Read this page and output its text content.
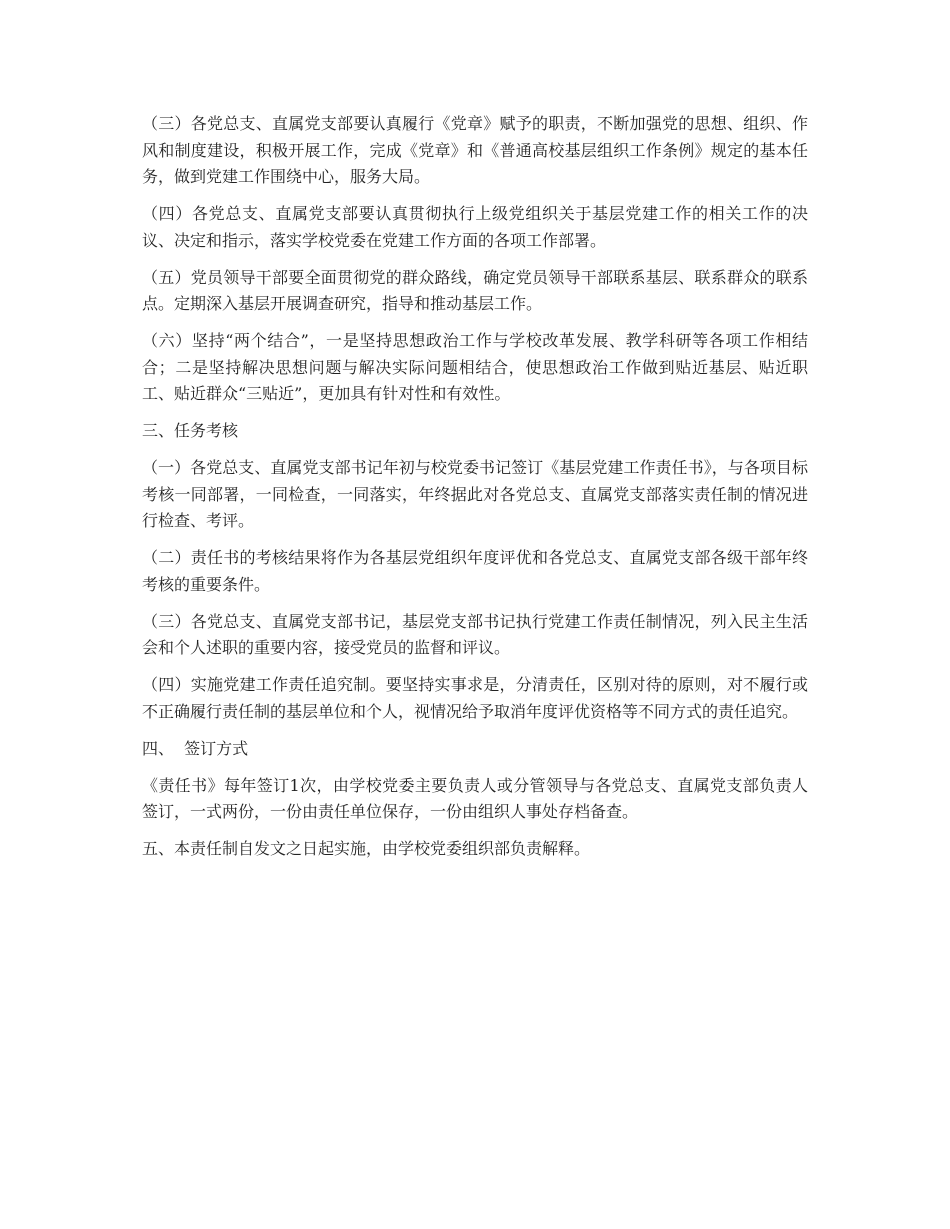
（三）各党总支、直属党支部要认真履行《党章》赋予的职责，不断加强党的思想、组织、作风和制度建设，积极开展工作，完成《党章》和《普通高校基层组织工作条例》规定的基本任务，做到党建工作围绕中心，服务大局。

（四）各党总支、直属党支部要认真贯彻执行上级党组织关于基层党建工作的相关工作的决议、决定和指示，落实学校党委在党建工作方面的各项工作部署。

（五）党员领导干部要全面贯彻党的群众路线，确定党员领导干部联系基层、联系群众的联系点。定期深入基层开展调查研究，指导和推动基层工作。

（六）坚持“两个结合”，一是坚持思想政治工作与学校改革发展、教学科研等各项工作相结合；二是坚持解决思想问题与解决实际问题相结合，使思想政治工作做到贴近基层、贴近职工、贴近群众“三贴近”，更加具有针对性和有效性。

三、任务考核

（一）各党总支、直属党支部书记年初与校党委书记签订《基层党建工作责任书》，与各项目标考核一同部署，一同检查，一同落实，年终据此对各党总支、直属党支部落实责任制的情况进行检查、考评。

（二）责任书的考核结果将作为各基层党组织年度评优和各党总支、直属党支部各级干部年终考核的重要条件。

（三）各党总支、直属党支部书记，基层党支部书记执行党建工作责任制情况，列入民主生活会和个人述职的重要内容，接受党员的监督和评议。

（四）实施党建工作责任追究制。要坚持实事求是，分清责任，区别对待的原则，对不履行或不正确履行责任制的基层单位和个人，视情况给予取消年度评优资格等不同方式的责任追究。

四、  签订方式

《责任书》每年签订1次，由学校党委主要负责人或分管领导与各党总支、直属党支部负责人签订，一式两份，一份由责任单位保存，一份由组织人事处存档备查。

五、本责任制自发文之日起实施，由学校党委组织部负责解释。
